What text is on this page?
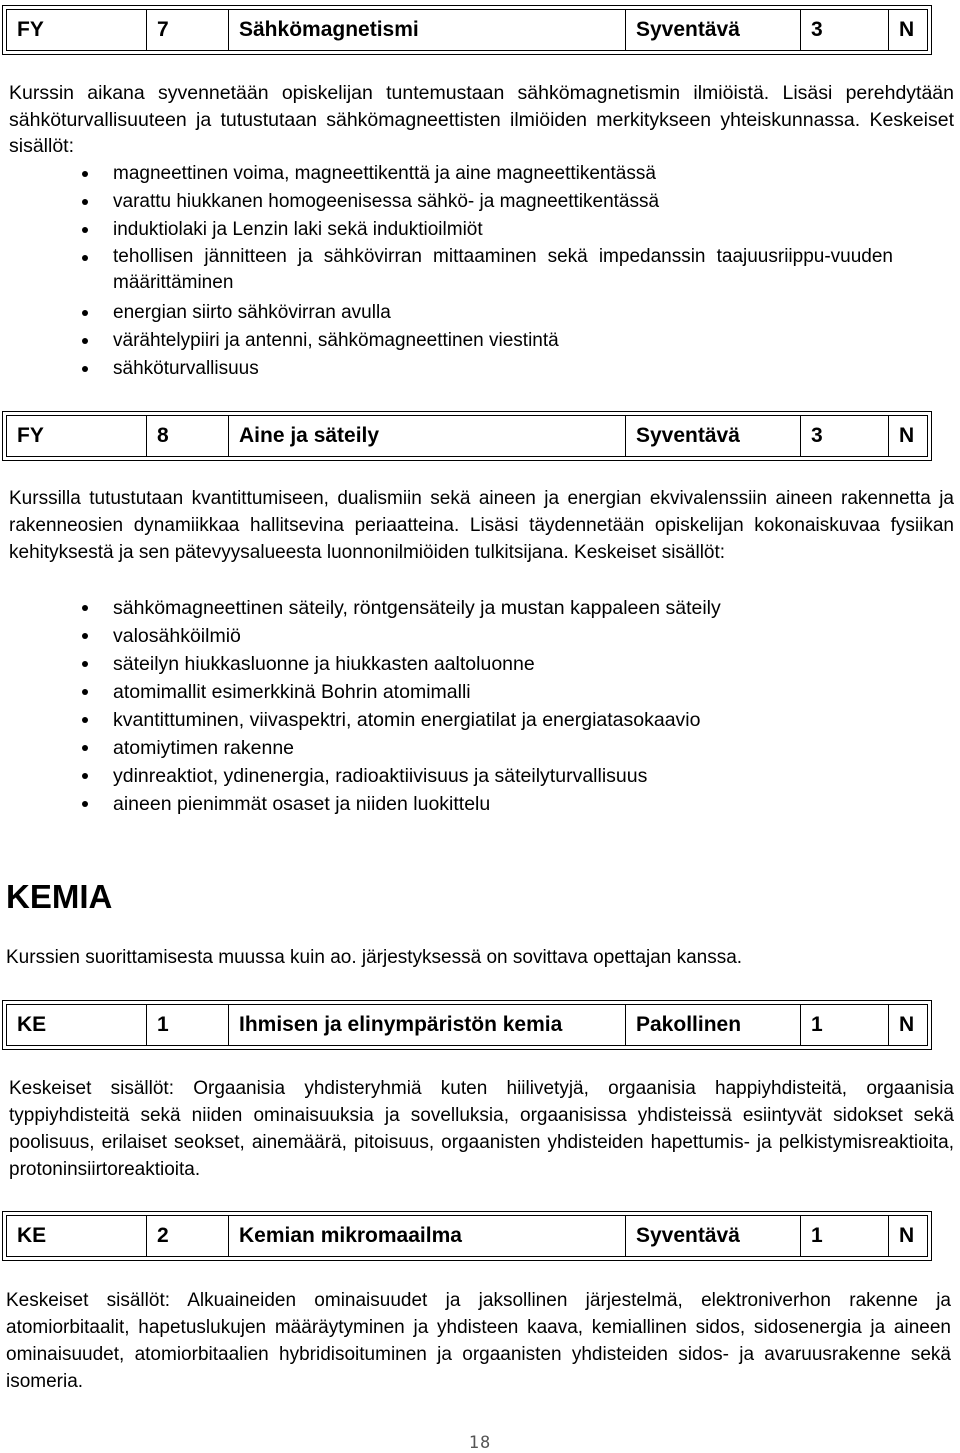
FY	7	Sähkömagnetismi	Syventävä	3	N

Kurssin aikana syvennetään opiskelijan tuntemustaan sähkömagnetismin ilmiöistä. Lisäsi perehdytään sähköturvallisuuteen ja tutustutaan sähkömagneettisten ilmiöiden merkitykseen yhteiskunnassa. Keskeiset sisällöt:

magneettinen voima, magneettikenttä ja aine magneettikentässä
varattu hiukkanen homogeenisessa sähkö- ja magneettikentässä
induktiolaki ja Lenzin laki sekä induktioilmiöt
tehollisen jännitteen ja sähkövirran mittaaminen sekä impedanssin taajuusriippu-vuuden määrittäminen
energian siirto sähkövirran avulla
värähtelypiiri ja antenni, sähkömagneettinen viestintä
sähköturvallisuus
FY	8	Aine ja säteily	Syventävä	3	N

Kurssilla tutustutaan kvantittumiseen, dualismiin sekä aineen ja energian ekvivalenssiin aineen rakennetta ja rakenneosien dynamiikkaa hallitsevina periaatteina. Lisäsi täydennetään opiskelijan kokonaiskuvaa fysiikan kehityksestä ja sen pätevyysalueesta luonnonilmiöiden tulkitsijana. Keskeiset sisällöt:

sähkömagneettinen säteily, röntgensäteily ja mustan kappaleen säteily
valosähköilmiö
säteilyn hiukkasluonne ja hiukkasten aaltoluonne
atomimallit esimerkkinä Bohrin atomimalli
kvantittuminen, viivaspektri, atomin energiatilat ja energiatasokaavio
atomiytimen rakenne
ydinreaktiot, ydinenergia, radioaktiivisuus ja säteilyturvallisuus
aineen pienimmät osaset ja niiden luokittelu
KEMIA

Kurssien suorittamisesta muussa kuin ao. järjestyksessä on sovittava opettajan kanssa.

KE	1	Ihmisen ja elinympäristön kemia	Pakollinen	1	N

Keskeiset sisällöt: Orgaanisia yhdisteryhmiä kuten hiilivetyjä, orgaanisia happiyhdisteitä, orgaanisia typpiyhdisteitä sekä niiden ominaisuuksia ja sovelluksia, orgaanisissa yhdisteissä esiintyvät sidokset sekä poolisuus, erilaiset seokset, ainemäärä, pitoisuus, orgaanisten yhdisteiden hapettumis- ja pelkistymisreaktioita, protoninsiirtoreaktioita.

KE	2	Kemian mikromaailma	Syventävä	1	N

Keskeiset sisällöt: Alkuaineiden ominaisuudet ja jaksollinen järjestelmä, elektroniverhon rakenne ja atomiorbitaalit, hapetuslukujen määräytyminen ja yhdisteen kaava, kemiallinen sidos, sidosenergia ja aineen ominaisuudet, atomiorbitaalien hybridisoituminen ja orgaanisten yhdisteiden sidos- ja avaruusrakenne sekä isomeria.

18
